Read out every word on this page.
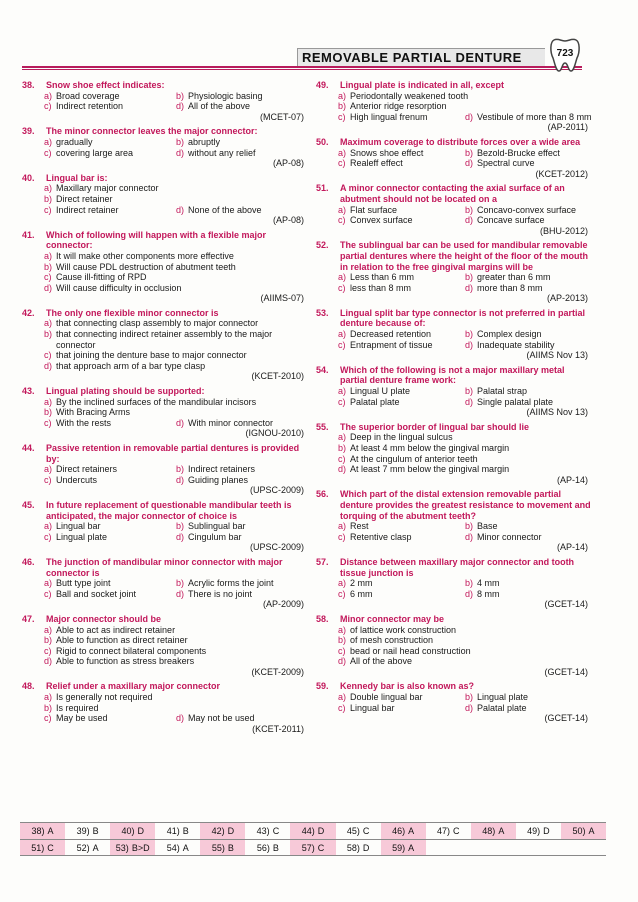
REMOVABLE PARTIAL DENTURE	723
38.	Snow shoe effect indicates:
a) Broad coverage	b) Physiologic basing
c) Indirect retention	d) All of the above
(MCET-07)
39.	The minor connector leaves the major connector:
a) gradually	b) abruptly
c) covering large area	d) without any relief
(AP-08)
40.	Lingual bar is:
a) Maxillary major connector
b) Direct retainer
c) Indirect retainer	d) None of the above
(AP-08)
41.	Which of following will happen with a flexible major connector:
a) It will make other components more effective
b) Will cause PDL destruction of abutment teeth
c) Cause ill-fitting of RPD
d) Will cause difficulty in occlusion
(AIIMS-07)
42.	The only one flexible minor connector is
a) that connecting clasp assembly to major connector
b) that connecting indirect retainer assembly to the major connector
c) that joining the denture base to major connector
d) that approach arm of a bar type clasp
(KCET-2010)
43.	Lingual plating should be supported:
a) By the inclined surfaces of the mandibular incisors
b) With Bracing Arms
c) With the rests	d) With minor connector
(IGNOU-2010)
44.	Passive retention in removable partial dentures is provided by:
a) Direct retainers	b) Indirect retainers
c) Undercuts	d) Guiding planes
(UPSC-2009)
45.	In future replacement of questionable mandibular teeth is anticipated, the major connector of choice is
a) Lingual bar	b) Sublingual bar
c) Lingual plate	d) Cingulum bar
(UPSC-2009)
46.	The junction of mandibular minor connector with major connector is
a) Butt type joint	b) Acrylic forms the joint
c) Ball and socket joint	d) There is no joint
(AP-2009)
47.	Major connector should be
a) Able to act as indirect retainer
b) Able to function as direct retainer
c) Rigid to connect bilateral components
d) Able to function as stress breakers
(KCET-2009)
48.	Relief under a maxillary major connector
a) Is generally not required
b) Is required
c) May be used	d) May not be used
(KCET-2011)
49.	Lingual plate is indicated in all, except
a) Periodontally weakened tooth
b) Anterior ridge resorption
c) High lingual frenum	d) Vestibule of more than 8 mm
(AP-2011)
50.	Maximum coverage to distribute forces over a wide area
a) Snows shoe effect	b) Bezold-Brucke effect
c) Realeff effect	d) Spectral curve
(KCET-2012)
51.	A minor connector contacting the axial surface of an abutment should not be located on a
a) Flat surface	b) Concavo-convex surface
c) Convex surface	d) Concave surface
(BHU-2012)
52.	The sublingual bar can be used for mandibular removable partial dentures where the height of the floor of the mouth in relation to the free gingival margins will be
a) Less than 6 mm	b) greater than 6 mm
c) less than 8 mm	d) more than 8 mm
(AP-2013)
53.	Lingual split bar type connector is not preferred in partial denture because of:
a) Decreased retention	b) Complex design
c) Entrapment of tissue	d) Inadequate stability
(AIIMS Nov 13)
54.	Which of the following is not a major maxillary metal partial denture frame work:
a) Lingual U plate	b) Palatal strap
c) Palatal plate	d) Single palatal plate
(AIIMS Nov 13)
55.	The superior border of lingual bar should lie
a) Deep in the lingual sulcus
b) At least 4 mm below the gingival margin
c) At the cingulum of anterior teeth
d) At least 7 mm below the gingival margin
(AP-14)
56.	Which part of the distal extension removable partial denture provides the greatest resistance to movement and torquing of the abutment teeth?
a) Rest	b) Base
c) Retentive clasp	d) Minor connector
(AP-14)
57.	Distance between maxillary major connector and tooth tissue junction is
a) 2 mm	b) 4 mm
c) 6 mm	d) 8 mm
(GCET-14)
58.	Minor connector may be
a) of lattice work construction
b) of mesh construction
c) bead or nail head construction
d) All of the above
(GCET-14)
59.	Kennedy bar is also known as?
a) Double lingual bar	b) Lingual plate
c) Lingual bar	d) Palatal plate
(GCET-14)
38) A	39) B	40) D	41) B	42) D	43) C	44) D	45) C	46) A	47) C	48) A	49) D	50) A
51) C	52) A 53) B>D 54) A	55) B	56) B	57) C	58) D	59) A
